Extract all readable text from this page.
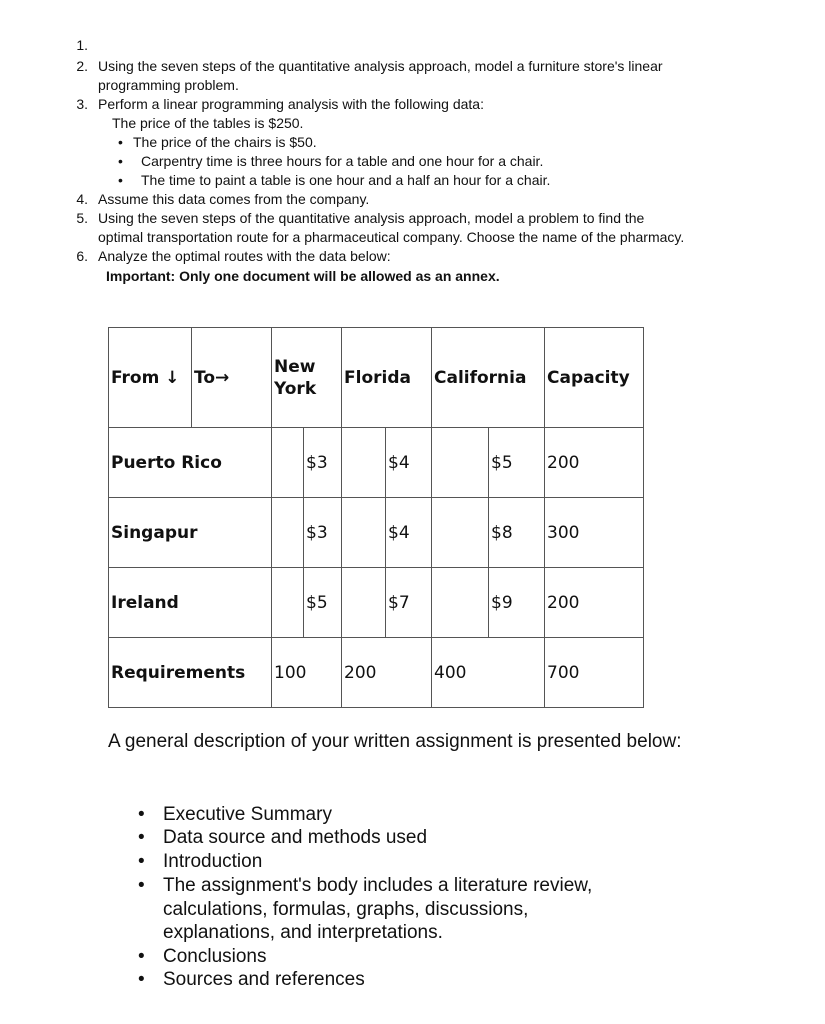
1.
2. Using the seven steps of the quantitative analysis approach, model a furniture store's linear
programming problem.
3. Perform a linear programming analysis with the following data:
The price of the tables is $250.
• The price of the chairs is $50.
• Carpentry time is three hours for a table and one hour for a chair.
• The time to paint a table is one hour and a half an hour for a chair.
4. Assume this data comes from the company.
5. Using the seven steps of the quantitative analysis approach, model a problem to find the
optimal transportation route for a pharmaceutical company. Choose the name of the pharmacy.
6. Analyze the optimal routes with the data below:
Important: Only one document will be allowed as an annex.
From ↓	To→	New York		Florida		California		Capacity
Puerto Rico			$3		$4		$5	200
Singapur			$3		$4		$8	300
Ireland			$5		$7		$9	200
Requirements		100		200		400		700
A general description of your written assignment is presented below:
• Executive Summary
• Data source and methods used
• Introduction
• The assignment's body includes a literature review,
calculations, formulas, graphs, discussions,
explanations, and interpretations.
• Conclusions
• Sources and references
